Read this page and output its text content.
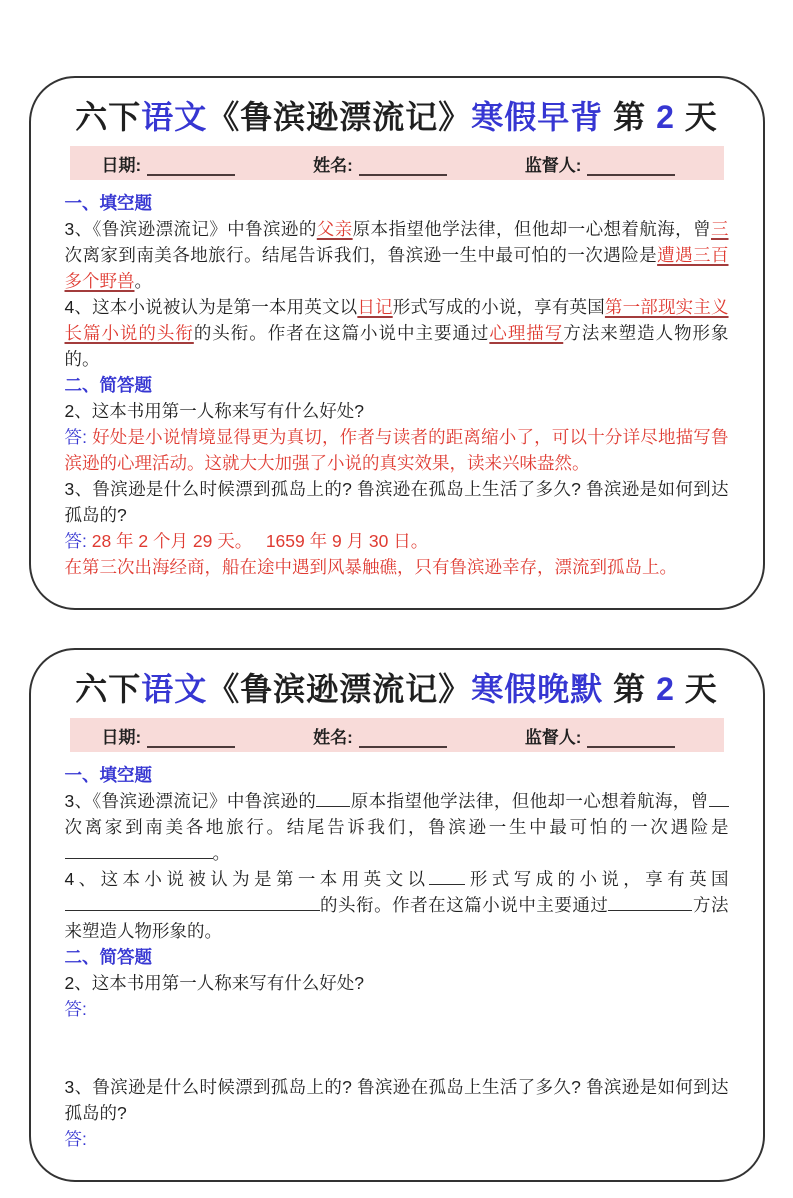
六下语文《鲁滨逊漂流记》寒假早背 第 2 天
日期:	姓名:	监督人:

一、填空题

3、《鲁滨逊漂流记》中鲁滨逊的父亲原本指望他学法律，但他却一心想着航海，曾三次离家到南美各地旅行。结尾告诉我们，鲁滨逊一生中最可怕的一次遇险是遭遇三百多个野兽。

4、这本小说被认为是第一本用英文以日记形式写成的小说，享有英国第一部现实主义长篇小说的头衔的头衔。作者在这篇小说中主要通过心理描写方法来塑造人物形象的。

二、简答题

2、这本书用第一人称来写有什么好处?

答: 好处是小说情境显得更为真切，作者与读者的距离缩小了，可以十分详尽地描写鲁滨逊的心理活动。这就大大加强了小说的真实效果，读来兴味盎然。

3、鲁滨逊是什么时候漂到孤岛上的? 鲁滨逊在孤岛上生活了多久? 鲁滨逊是如何到达孤岛的?

答: 28 年 2 个月 29 天。　 1659 年 9 月 30 日。

在第三次出海经商，船在途中遇到风暴触礁，只有鲁滨逊幸存，漂流到孤岛上。

六下语文《鲁滨逊漂流记》寒假晚默 第 2 天
日期:	姓名:	监督人:

一、填空题

3、《鲁滨逊漂流记》中鲁滨逊的 原本指望他学法律，但他却一心想着航海，曾次离家到南美各地旅行。结尾告诉我们，鲁滨逊一生中最可怕的一次遇险是。

4、这本小说被认为是第一本用英文以 形式写成的小说，享有英国的头衔。作者在这篇小说中主要通过	方法来塑造人物形象的。

二、简答题

2、这本书用第一人称来写有什么好处?

答:

3、鲁滨逊是什么时候漂到孤岛上的? 鲁滨逊在孤岛上生活了多久? 鲁滨逊是如何到达孤岛的?

答:
